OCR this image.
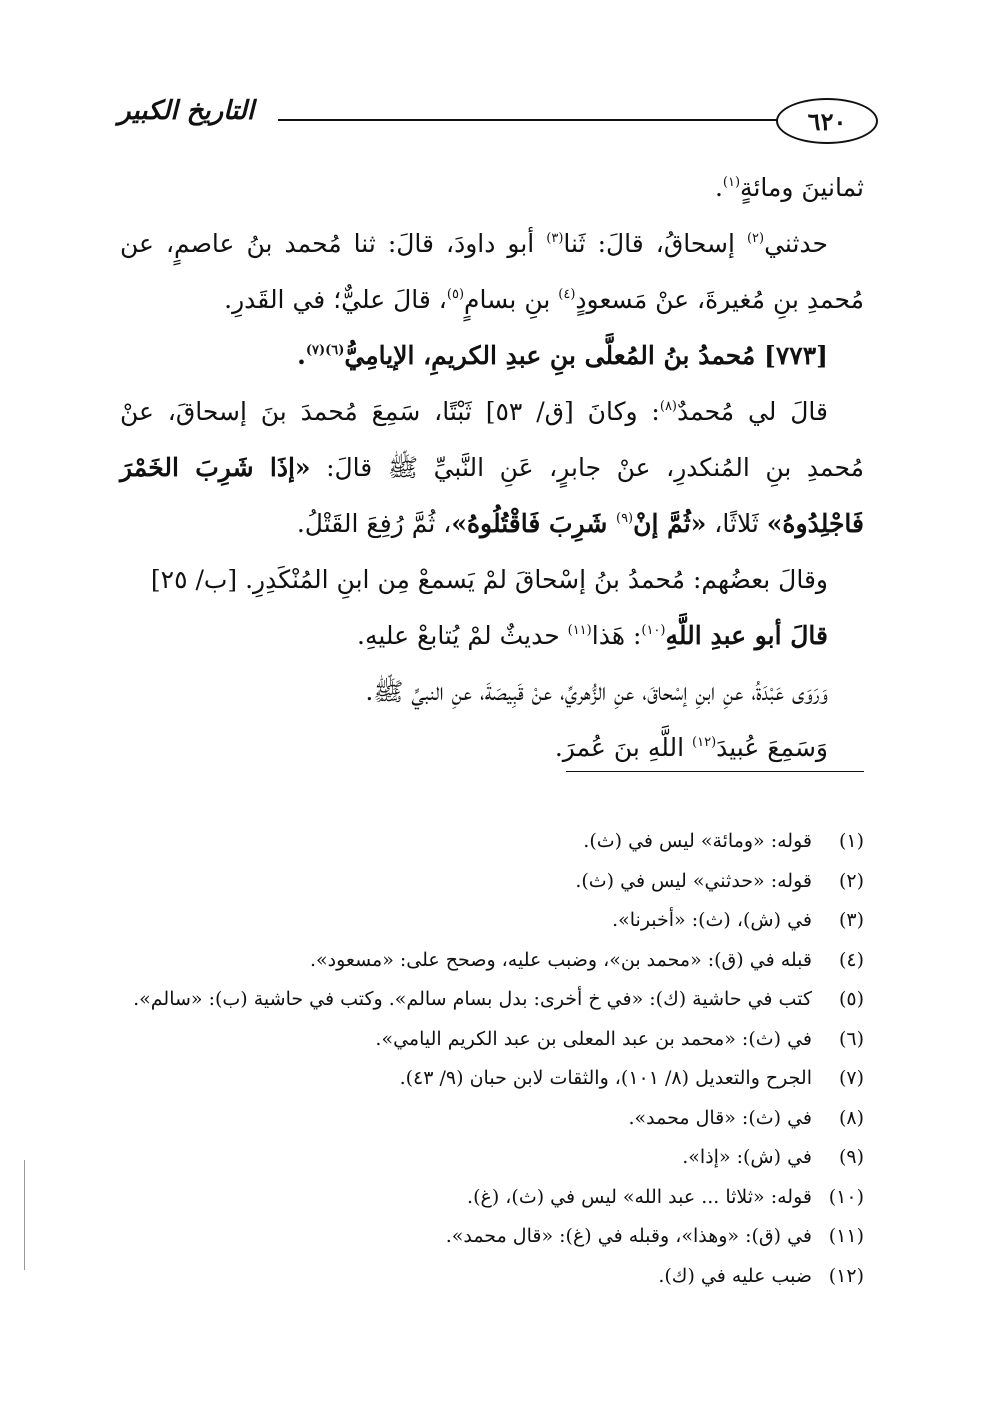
٦٢٠
التاريخ الكبير

ثمانينَ ومائةٍ$^{(١)}$.

حدثني$^{(٢)}$ إسحاقُ، قالَ: ثَنا$^{(٣)}$ أبو داودَ، قالَ: ثنا مُحمد بنُ عاصمٍ، عن مُحمدِ بنِ مُغيرةَ، عنْ مَسعودٍ$^{(٤)}$ بنِ بسامٍ$^{(٥)}$، قالَ عليٌّ؛ في القَدرِ.

[٧٧٣] مُحمدُ بنُ المُعلَّى بنِ عبدِ الكريمِ، الإيامِيُّ$^{(٦)(٧)}$.

قالَ لي مُحمدٌ$^{(٨)}$: وكانَ [ق/ ٥٣] ثَبْتًا، سَمِعَ مُحمدَ بنَ إسحاقَ، عنْ مُحمدِ بنِ المُنكدرِ، عنْ جابرٍ، عَنِ النَّبيِّ ﷺ قالَ: «إذَا شَرِبَ الخَمْرَ فَاجْلِدُوهُ» ثَلاثًا، «ثُمَّ إنْ$^{(٩)}$ شَرِبَ فَاقْتُلُوهُ»، ثُمَّ رُفِعَ القَتْلُ.

وقالَ بعضُهم: مُحمدُ بنُ إسْحاقَ لمْ يَسمعْ مِن ابنِ المُنْكَدِرِ. [ب/ ٢٥]

قالَ أبو عبدِ اللَّهِ$^{(١٠)}$: هَذا$^{(١١)}$ حديثٌ لمْ يُتابعْ عليهِ.

وَرَوَى عَبْدَةُ، عنِ ابنِ إسْحاقَ، عنِ الزُّهريِّ، عنْ قَبِيصَةَ، عنِ النبيِّ ﷺ.

وَسَمِعَ عُبيدَ$^{(١٢)}$ اللَّهِ بنَ عُمرَ.

(١)قوله: «ومائة» ليس في (ث).
(٢)قوله: «حدثني» ليس في (ث).
(٣)في (ش)، (ث): «أخبرنا».
(٤)قبله في (ق): «محمد بن»، وضبب عليه، وصحح على: «مسعود».
(٥)كتب في حاشية (ك): «في خ أخرى: بدل بسام سالم». وكتب في حاشية (ب): «سالم».
(٦)في (ث): «محمد بن عبد المعلى بن عبد الكريم اليامي».
(٧)الجرح والتعديل (٨/ ١٠١)، والثقات لابن حبان (٩/ ٤٣).
(٨)في (ث): «قال محمد».
(٩)في (ش): «إذا».
(١٠)قوله: «ثلاثا ... عبد الله» ليس في (ث)، (غ).
(١١)في (ق): «وهذا»، وقبله في (غ): «قال محمد».
(١٢)ضبب عليه في (ك).
